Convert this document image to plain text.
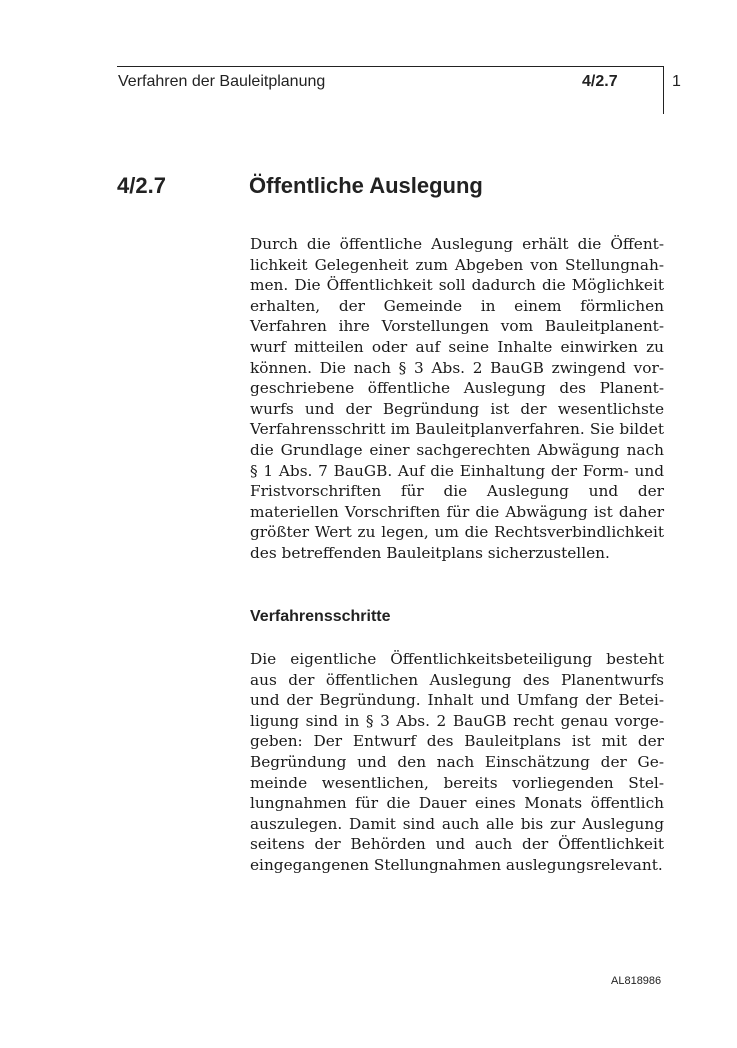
Verfahren der Bauleitplanung	4/2.7	1
4/2.7	Öffentliche Auslegung

Durch die öffentliche Auslegung erhält die Öffentlichkeit Gelegenheit zum Abgeben von Stellungnahmen. Die Öffentlichkeit soll dadurch die Möglichkeit erhalten, der Gemeinde in einem förmlichen Verfahren ihre Vorstellungen vom Bauleitplanentwurf mitteilen oder auf seine Inhalte einwirken zu können. Die nach § 3 Abs. 2 BauGB zwingend vorgeschriebene öffentliche Auslegung des Planentwurfs und der Begründung ist der wesentlichste Verfahrensschritt im Bauleitplanverfahren. Sie bildet die Grundlage einer sachgerechten Abwägung nach § 1 Abs. 7 BauGB. Auf die Einhaltung der Form- und Fristvorschriften für die Auslegung und der materiellen Vorschriften für die Abwägung ist daher größter Wert zu legen, um die Rechtsverbindlichkeit des betreffenden Bauleitplans sicherzustellen.

Verfahrensschritte

Die eigentliche Öffentlichkeitsbeteiligung besteht aus der öffentlichen Auslegung des Planentwurfs und der Begründung. Inhalt und Umfang der Beteiligung sind in § 3 Abs. 2 BauGB recht genau vorgegeben: Der Entwurf des Bauleitplans ist mit der Begründung und den nach Einschätzung der Gemeinde wesentlichen, bereits vorliegenden Stellungnahmen für die Dauer eines Monats öffentlich auszulegen. Damit sind auch alle bis zur Auslegung seitens der Behörden und auch der Öffentlichkeit eingegangenen Stellungnahmen auslegungsrelevant.

AL818986
